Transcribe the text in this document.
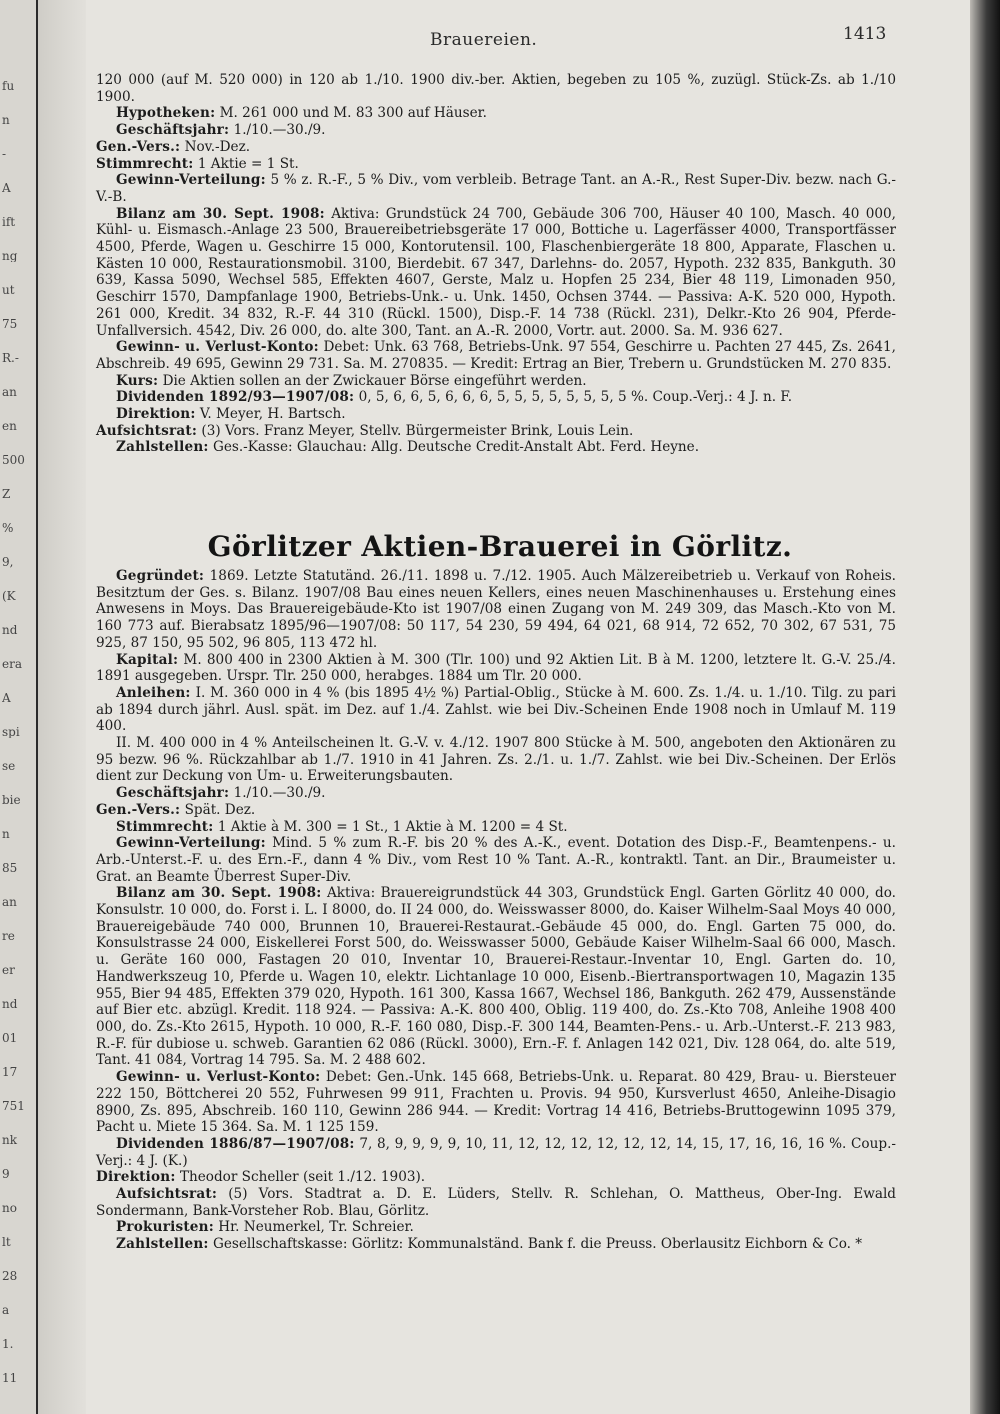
fu
n
-
A
ift
ng
ut
75
R.-
an
en
500
Z
%
9,
(K
nd
era
A
spi
se
bie
n
85
an
re
er
nd
01
17
751
nk
9
no
lt
28
a
1.
11
Brauereien.	1413

120 000 (auf M. 520 000) in 120 ab 1./10. 1900 div.-ber. Aktien, begeben zu 105 %, zuzügl. Stück-Zs. ab 1./10 1900.

Hypotheken: M. 261 000 und M. 83 300 auf Häuser.

Geschäftsjahr: 1./10.—30./9.

Gen.-Vers.: Nov.-Dez.

Stimmrecht: 1 Aktie = 1 St.

Gewinn-Verteilung: 5 % z. R.-F., 5 % Div., vom verbleib. Betrage Tant. an A.-R., Rest Super-Div. bezw. nach G.-V.-B.

Bilanz am 30. Sept. 1908: Aktiva: Grundstück 24 700, Gebäude 306 700, Häuser 40 100, Masch. 40 000, Kühl- u. Eismasch.-Anlage 23 500, Brauereibetriebsgeräte 17 000, Bottiche u. Lagerfässer 4000, Transportfässer 4500, Pferde, Wagen u. Geschirre 15 000, Kontorutensil. 100, Flaschenbiergeräte 18 800, Apparate, Flaschen u. Kästen 10 000, Restaurationsmobil. 3100, Bierdebit. 67 347, Darlehns- do. 2057, Hypoth. 232 835, Bankguth. 30 639, Kassa 5090, Wechsel 585, Effekten 4607, Gerste, Malz u. Hopfen 25 234, Bier 48 119, Limonaden 950, Geschirr 1570, Dampfanlage 1900, Betriebs-Unk.- u. Unk. 1450, Ochsen 3744. — Passiva: A-K. 520 000, Hypoth. 261 000, Kredit. 34 832, R.-F. 44 310 (Rückl. 1500), Disp.-F. 14 738 (Rückl. 231), Delkr.-Kto 26 904, Pferde-Unfallversich. 4542, Div. 26 000, do. alte 300, Tant. an A.-R. 2000, Vortr. aut. 2000. Sa. M. 936 627.

Gewinn- u. Verlust-Konto: Debet: Unk. 63 768, Betriebs-Unk. 97 554, Geschirre u. Pachten 27 445, Zs. 2641, Abschreib. 49 695, Gewinn 29 731. Sa. M. 270835. — Kredit: Ertrag an Bier, Trebern u. Grundstücken M. 270 835.

Kurs: Die Aktien sollen an der Zwickauer Börse eingeführt werden.

Dividenden 1892/93—1907/08: 0, 5, 6, 6, 5, 6, 6, 6, 5, 5, 5, 5, 5, 5, 5, 5 %. Coup.-Verj.: 4 J. n. F.

Direktion: V. Meyer, H. Bartsch.

Aufsichtsrat: (3) Vors. Franz Meyer, Stellv. Bürgermeister Brink, Louis Lein.

Zahlstellen: Ges.-Kasse: Glauchau: Allg. Deutsche Credit-Anstalt Abt. Ferd. Heyne.

Görlitzer Aktien-Brauerei in Görlitz.

Gegründet: 1869. Letzte Statutänd. 26./11. 1898 u. 7./12. 1905. Auch Mälzereibetrieb u. Verkauf von Roheis. Besitztum der Ges. s. Bilanz. 1907/08 Bau eines neuen Kellers, eines neuen Maschinenhauses u. Erstehung eines Anwesens in Moys. Das Brauereigebäude-Kto ist 1907/08 einen Zugang von M. 249 309, das Masch.-Kto von M. 160 773 auf. Bierabsatz 1895/96—1907/08: 50 117, 54 230, 59 494, 64 021, 68 914, 72 652, 70 302, 67 531, 75 925, 87 150, 95 502, 96 805, 113 472 hl.

Kapital: M. 800 400 in 2300 Aktien à M. 300 (Tlr. 100) und 92 Aktien Lit. B à M. 1200, letztere lt. G.-V. 25./4. 1891 ausgegeben. Urspr. Tlr. 250 000, herabges. 1884 um Tlr. 20 000.

Anleihen: I. M. 360 000 in 4 % (bis 1895 4½ %) Partial-Oblig., Stücke à M. 600. Zs. 1./4. u. 1./10. Tilg. zu pari ab 1894 durch jährl. Ausl. spät. im Dez. auf 1./4. Zahlst. wie bei Div.-Scheinen Ende 1908 noch in Umlauf M. 119 400.

II. M. 400 000 in 4 % Anteilscheinen lt. G.-V. v. 4./12. 1907 800 Stücke à M. 500, angeboten den Aktionären zu 95 bezw. 96 %. Rückzahlbar ab 1./7. 1910 in 41 Jahren. Zs. 2./1. u. 1./7. Zahlst. wie bei Div.-Scheinen. Der Erlös dient zur Deckung von Um- u. Erweiterungsbauten.

Geschäftsjahr: 1./10.—30./9.

Gen.-Vers.: Spät. Dez.

Stimmrecht: 1 Aktie à M. 300 = 1 St., 1 Aktie à M. 1200 = 4 St.

Gewinn-Verteilung: Mind. 5 % zum R.-F. bis 20 % des A.-K., event. Dotation des Disp.-F., Beamtenpens.- u. Arb.-Unterst.-F. u. des Ern.-F., dann 4 % Div., vom Rest 10 % Tant. A.-R., kontraktl. Tant. an Dir., Braumeister u. Grat. an Beamte Überrest Super-Div.

Bilanz am 30. Sept. 1908: Aktiva: Brauereigrundstück 44 303, Grundstück Engl. Garten Görlitz 40 000, do. Konsulstr. 10 000, do. Forst i. L. I 8000, do. II 24 000, do. Weisswasser 8000, do. Kaiser Wilhelm-Saal Moys 40 000, Brauereigebäude 740 000, Brunnen 10, Brauerei-Restaurat.-Gebäude 45 000, do. Engl. Garten 75 000, do. Konsulstrasse 24 000, Eiskellerei Forst 500, do. Weisswasser 5000, Gebäude Kaiser Wilhelm-Saal 66 000, Masch. u. Geräte 160 000, Fastagen 20 010, Inventar 10, Brauerei-Restaur.-Inventar 10, Engl. Garten do. 10, Handwerkszeug 10, Pferde u. Wagen 10, elektr. Lichtanlage 10 000, Eisenb.-Biertransportwagen 10, Magazin 135 955, Bier 94 485, Effekten 379 020, Hypoth. 161 300, Kassa 1667, Wechsel 186, Bankguth. 262 479, Aussenstände auf Bier etc. abzügl. Kredit. 118 924. — Passiva: A.-K. 800 400, Oblig. 119 400, do. Zs.-Kto 708, Anleihe 1908 400 000, do. Zs.-Kto 2615, Hypoth. 10 000, R.-F. 160 080, Disp.-F. 300 144, Beamten-Pens.- u. Arb.-Unterst.-F. 213 983, R.-F. für dubiose u. schweb. Garantien 62 086 (Rückl. 3000), Ern.-F. f. Anlagen 142 021, Div. 128 064, do. alte 519, Tant. 41 084, Vortrag 14 795. Sa. M. 2 488 602.

Gewinn- u. Verlust-Konto: Debet: Gen.-Unk. 145 668, Betriebs-Unk. u. Reparat. 80 429, Brau- u. Biersteuer 222 150, Böttcherei 20 552, Fuhrwesen 99 911, Frachten u. Provis. 94 950, Kursverlust 4650, Anleihe-Disagio 8900, Zs. 895, Abschreib. 160 110, Gewinn 286 944. — Kredit: Vortrag 14 416, Betriebs-Bruttogewinn 1095 379, Pacht u. Miete 15 364. Sa. M. 1 125 159.

Dividenden 1886/87—1907/08: 7, 8, 9, 9, 9, 9, 10, 11, 12, 12, 12, 12, 12, 12, 14, 15, 17, 16, 16, 16 %. Coup.-Verj.: 4 J. (K.)

Direktion: Theodor Scheller (seit 1./12. 1903).

Aufsichtsrat: (5) Vors. Stadtrat a. D. E. Lüders, Stellv. R. Schlehan, O. Mattheus, Ober-Ing. Ewald Sondermann, Bank-Vorsteher Rob. Blau, Görlitz.

Prokuristen: Hr. Neumerkel, Tr. Schreier.

Zahlstellen: Gesellschaftskasse: Görlitz: Kommunalständ. Bank f. die Preuss. Oberlausitz Eichborn & Co. *
